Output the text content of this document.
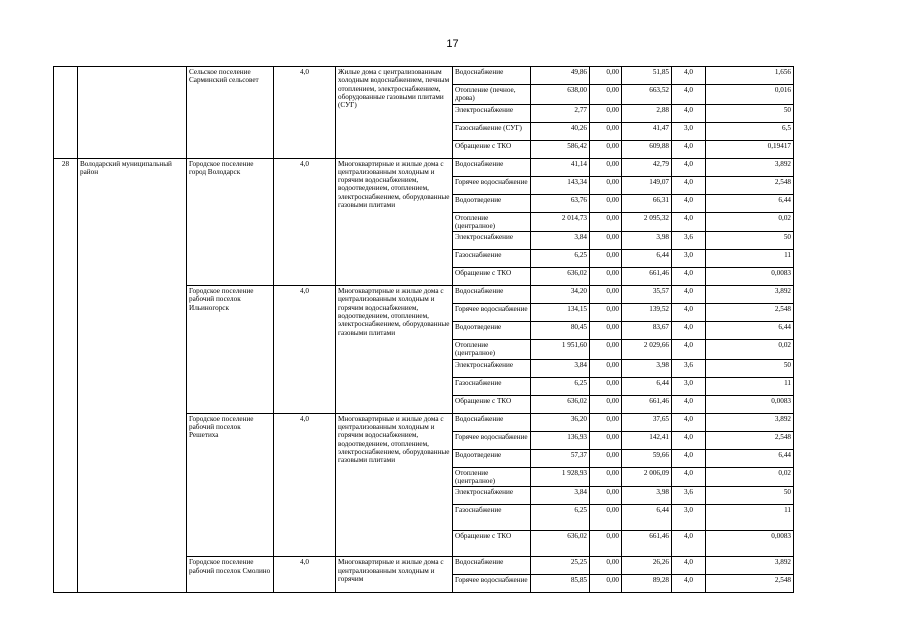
17
		Сельское поселение Сарминский сельсовет	4,0	Жилые дома с централизованным холодным водоснабжением, печным отоплением, электроснабжением, оборудованные газовыми плитами (СУГ)	Водоснабжение	49,86	0,00	51,85	4,0	1,656
					Отопление (печное, дрова)	638,00	0,00	663,52	4,0	0,016
					Электроснабжение	2,77	0,00	2,88	4,0	50
					Газоснабжение (СУГ)	40,26	0,00	41,47	3,0	6,5
					Обращение с ТКО	586,42	0,00	609,88	4,0	0,19417
28	Володарский муниципальный район	Городское поселение город Володарск	4,0	Многоквартирные и жилые дома с централизованным холодным и горячим водоснабжением, водоотведением, отоплением, электроснабжением, оборудованные газовыми плитами	Водоснабжение	41,14	0,00	42,79	4,0	3,892
					Горячее водоснабжение	143,34	0,00	149,07	4,0	2,548
					Водоотведение	63,76	0,00	66,31	4,0	6,44
					Отопление (централное)	2 014,73	0,00	2 095,32	4,0	0,02
					Электроснабжение	3,84	0,00	3,98	3,6	50
					Газоснабжение	6,25	0,00	6,44	3,0	11
					Обращение с ТКО	636,02	0,00	661,46	4,0	0,0083
		Городское поселение рабочий поселок Ильиногорск	4,0	Многоквартирные и жилые дома с централизованным холодным и горячим водоснабжением, водоотведением, отоплением, электроснабжением, оборудованные газовыми плитами	Водоснабжение	34,20	0,00	35,57	4,0	3,892
					Горячее водоснабжение	134,15	0,00	139,52	4,0	2,548
					Водоотведение	80,45	0,00	83,67	4,0	6,44
					Отопление (централное)	1 951,60	0,00	2 029,66	4,0	0,02
					Электроснабжение	3,84	0,00	3,98	3,6	50
					Газоснабжение	6,25	0,00	6,44	3,0	11
					Обращение с ТКО	636,02	0,00	661,46	4,0	0,0083
		Городское поселение рабочий поселок Решетиха	4,0	Многоквартирные и жилые дома с централизованным холодным и горячим водоснабжением, водоотведением, отоплением, электроснабжением, оборудованные газовыми плитами	Водоснабжение	36,20	0,00	37,65	4,0	3,892
					Горячее водоснабжение	136,93	0,00	142,41	4,0	2,548
					Водоотведение	57,37	0,00	59,66	4,0	6,44
					Отопление (централное)	1 928,93	0,00	2 006,09	4,0	0,02
					Электроснабжение	3,84	0,00	3,98	3,6	50
					Газоснабжение	6,25	0,00	6,44	3,0	11
					Обращение с ТКО	636,02	0,00	661,46	4,0	0,0083
		Городское поселение рабочий поселок Смолино	4,0	Многоквартирные и жилые дома с централизованным холодным и горячим	Водоснабжение	25,25	0,00	26,26	4,0	3,892
					Горячее водоснабжение	85,85	0,00	89,28	4,0	2,548
